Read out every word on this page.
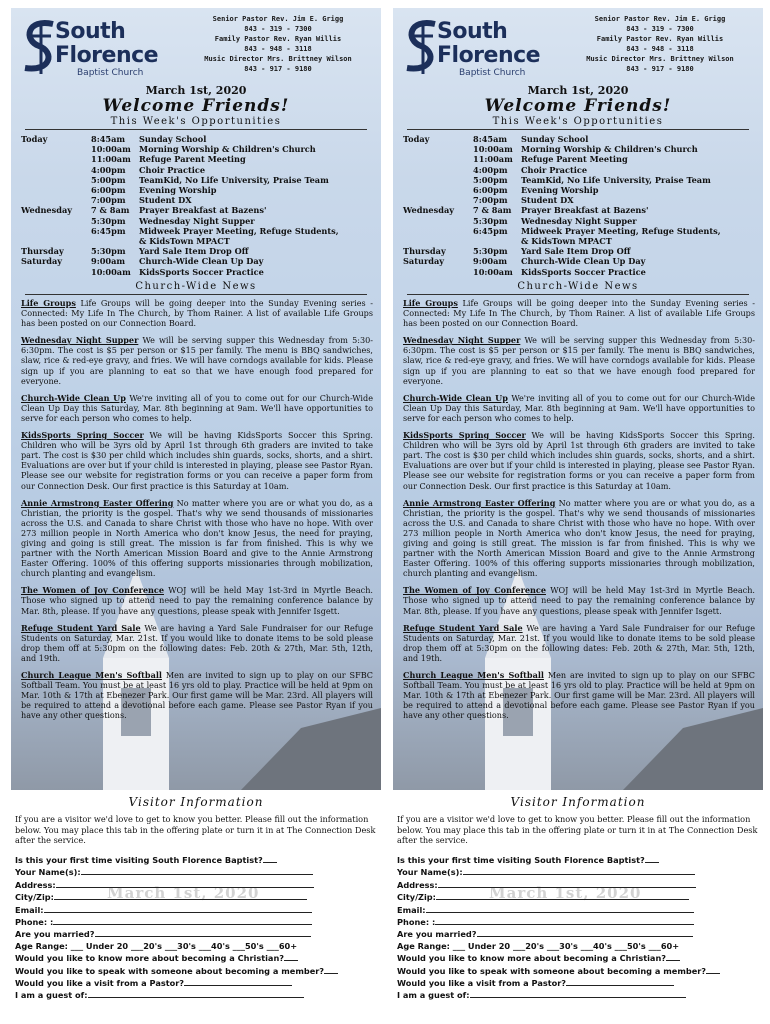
South
Florence
Baptist Church
Senior Pastor Rev. Jim E. Grigg
843 - 319 - 7300
Family Pastor Rev. Ryan Willis
843 - 948 - 3118
Music Director Mrs. Brittney Wilson
843 - 917 - 9180
March 1st, 2020
Welcome Friends!
This Week's Opportunities
Today	8:45am	Sunday School
10:00am	Morning Worship & Children's Church
11:00am	Refuge Parent Meeting
4:00pm	Choir Practice
5:00pm	TeamKid, No Life University, Praise Team
6:00pm	Evening Worship
7:00pm	Student DX
Wednesday	7 & 8am	Prayer Breakfast at Bazens'
5:30pm	Wednesday Night Supper
6:45pm	Midweek Prayer Meeting, Refuge Students,
& KidsTown MPACT
Thursday	5:30pm	Yard Sale Item Drop Off
Saturday	9:00am	Church-Wide Clean Up Day
10:00am	KidsSports Soccer Practice
Church-Wide News
Life Groups Life Groups will be going deeper into the Sunday Evening series - Connected: My Life In The Church, by Thom Rainer. A list of available Life Groups has been posted on our Connection Board.
Wednesday Night Supper We will be serving supper this Wednesday from 5:30-6:30pm. The cost is $5 per person or $15 per family. The menu is BBQ sandwiches, slaw, rice & red-eye gravy, and fries. We will have corndogs available for kids. Please sign up if you are planning to eat so that we have enough food prepared for everyone.
Church-Wide Clean Up We're inviting all of you to come out for our Church-Wide Clean Up Day this Saturday, Mar. 8th beginning at 9am. We'll have opportunities to serve for each person who comes to help.
KidsSports Spring Soccer We will be having KidsSports Soccer this Spring. Children who will be 3yrs old by April 1st through 6th graders are invited to take part. The cost is $30 per child which includes shin guards, socks, shorts, and a shirt. Evaluations are over but if your child is interested in playing, please see Pastor Ryan. Please see our website for registration forms or you can receive a paper form from our Connection Desk. Our first practice is this Saturday at 10am.
Annie Armstrong Easter Offering No matter where you are or what you do, as a Christian, the priority is the gospel. That's why we send thousands of missionaries across the U.S. and Canada to share Christ with those who have no hope. With over 273 million people in North America who don't know Jesus, the need for praying, giving and going is still great. The mission is far from finished. This is why we partner with the North American Mission Board and give to the Annie Armstrong Easter Offering. 100% of this offering supports missionaries through mobilization, church planting and evangelism.
The Women of Joy Conference WOJ will be held May 1st-3rd in Myrtle Beach. Those who signed up to attend need to pay the remaining conference balance by Mar. 8th, please. If you have any questions, please speak with Jennifer Isgett.
Refuge Student Yard Sale We are having a Yard Sale Fundraiser for our Refuge Students on Saturday, Mar. 21st. If you would like to donate items to be sold please drop them off at 5:30pm on the following dates: Feb. 20th & 27th, Mar. 5th, 12th, and 19th.
Church League Men's Softball Men are invited to sign up to play on our SFBC Softball Team. You must be at least 16 yrs old to play. Practice will be held at 9pm on Mar. 10th & 17th at Ebenezer Park. Our first game will be Mar. 23rd. All players will be required to attend a devotional before each game. Please see Pastor Ryan if you have any other questions.
Visitor Information
If you are a visitor we'd love to get to know you better. Please fill out the information below. You may place this tab in the offering plate or turn it in at The Connection Desk after the service.
March 1st, 2020
Is this your first time visiting South Florence Baptist?
Your Name(s):
Address:
City/Zip:
Email:
Phone: :
Are you married?
Age Range: ___ Under 20 ___20's ___30's ___40's ___50's ___60+
Would you like to know more about becoming a Christian?
Would you like to speak with someone about becoming a member?
Would you like a visit from a Pastor?
I am a guest of:
South
Florence
Baptist Church
Senior Pastor Rev. Jim E. Grigg
843 - 319 - 7300
Family Pastor Rev. Ryan Willis
843 - 948 - 3118
Music Director Mrs. Brittney Wilson
843 - 917 - 9180
March 1st, 2020
Welcome Friends!
This Week's Opportunities
Today	8:45am	Sunday School
10:00am	Morning Worship & Children's Church
11:00am	Refuge Parent Meeting
4:00pm	Choir Practice
5:00pm	TeamKid, No Life University, Praise Team
6:00pm	Evening Worship
7:00pm	Student DX
Wednesday	7 & 8am	Prayer Breakfast at Bazens'
5:30pm	Wednesday Night Supper
6:45pm	Midweek Prayer Meeting, Refuge Students,
& KidsTown MPACT
Thursday	5:30pm	Yard Sale Item Drop Off
Saturday	9:00am	Church-Wide Clean Up Day
10:00am	KidsSports Soccer Practice
Church-Wide News
Life Groups Life Groups will be going deeper into the Sunday Evening series - Connected: My Life In The Church, by Thom Rainer. A list of available Life Groups has been posted on our Connection Board.
Wednesday Night Supper We will be serving supper this Wednesday from 5:30-6:30pm. The cost is $5 per person or $15 per family. The menu is BBQ sandwiches, slaw, rice & red-eye gravy, and fries. We will have corndogs available for kids. Please sign up if you are planning to eat so that we have enough food prepared for everyone.
Church-Wide Clean Up We're inviting all of you to come out for our Church-Wide Clean Up Day this Saturday, Mar. 8th beginning at 9am. We'll have opportunities to serve for each person who comes to help.
KidsSports Spring Soccer We will be having KidsSports Soccer this Spring. Children who will be 3yrs old by April 1st through 6th graders are invited to take part. The cost is $30 per child which includes shin guards, socks, shorts, and a shirt. Evaluations are over but if your child is interested in playing, please see Pastor Ryan. Please see our website for registration forms or you can receive a paper form from our Connection Desk. Our first practice is this Saturday at 10am.
Annie Armstrong Easter Offering No matter where you are or what you do, as a Christian, the priority is the gospel. That's why we send thousands of missionaries across the U.S. and Canada to share Christ with those who have no hope. With over 273 million people in North America who don't know Jesus, the need for praying, giving and going is still great. The mission is far from finished. This is why we partner with the North American Mission Board and give to the Annie Armstrong Easter Offering. 100% of this offering supports missionaries through mobilization, church planting and evangelism.
The Women of Joy Conference WOJ will be held May 1st-3rd in Myrtle Beach. Those who signed up to attend need to pay the remaining conference balance by Mar. 8th, please. If you have any questions, please speak with Jennifer Isgett.
Refuge Student Yard Sale We are having a Yard Sale Fundraiser for our Refuge Students on Saturday, Mar. 21st. If you would like to donate items to be sold please drop them off at 5:30pm on the following dates: Feb. 20th & 27th, Mar. 5th, 12th, and 19th.
Church League Men's Softball Men are invited to sign up to play on our SFBC Softball Team. You must be at least 16 yrs old to play. Practice will be held at 9pm on Mar. 10th & 17th at Ebenezer Park. Our first game will be Mar. 23rd. All players will be required to attend a devotional before each game. Please see Pastor Ryan if you have any other questions.
Visitor Information
If you are a visitor we'd love to get to know you better. Please fill out the information below. You may place this tab in the offering plate or turn it in at The Connection Desk after the service.
March 1st, 2020
Is this your first time visiting South Florence Baptist?
Your Name(s):
Address:
City/Zip:
Email:
Phone: :
Are you married?
Age Range: ___ Under 20 ___20's ___30's ___40's ___50's ___60+
Would you like to know more about becoming a Christian?
Would you like to speak with someone about becoming a member?
Would you like a visit from a Pastor?
I am a guest of:
